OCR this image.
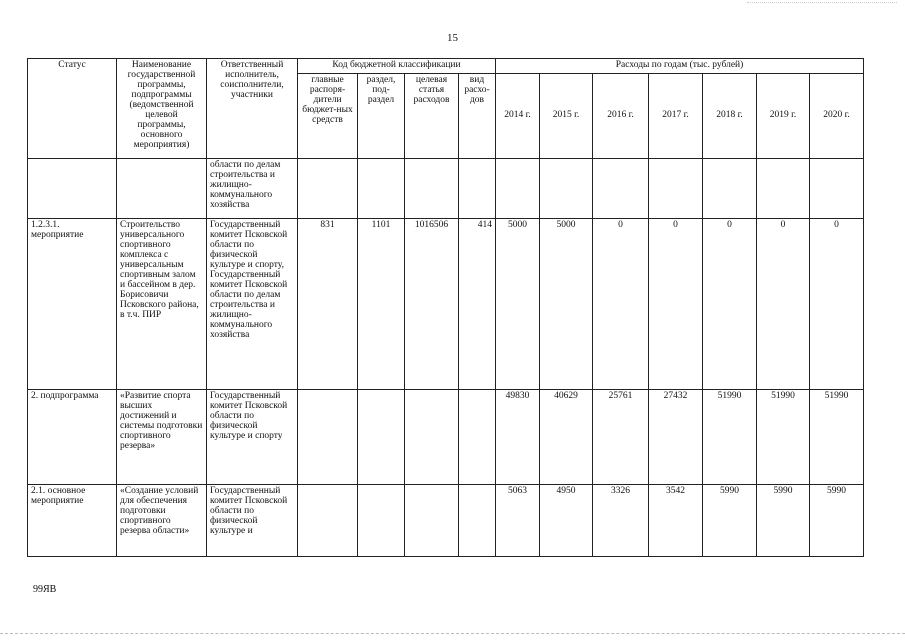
15
Статус	Наименование государственной программы, подпрограммы (ведомственной целевой программы, основного мероприятия)	Ответственный исполнитель, соисполнители, участники	Код бюджетной классификации				Расходы по годам (тыс. рублей)						
			главные распоря-дители бюджет-ных средств	раздел, под-раздел	целевая статья расходов	вид расхо-дов	2014 г.	2015 г.	2016 г.	2017 г.	2018 г.	2019 г.	2020 г.
		области по делам строительства и жилищно-коммунального хозяйства											
1.2.3.1. мероприятие	Строительство универсального спортивного комплекса с универсальным спортивным залом и бассейном в дер. Борисовичи Псковского района, в т.ч. ПИР	Государственный комитет Псковской области по физической культуре и спорту, Государственный комитет Псковской области по делам строительства и жилищно-коммунального хозяйства	831	1101	1016506	414	5000	5000	0	0	0	0	0
2. подпрограмма	«Развитие спорта высших достижений и системы подготовки спортивного резерва»	Государственный комитет Псковской области по физической культуре и спорту					49830	40629	25761	27432	51990	51990	51990
2.1. основное мероприятие	«Создание условий для обеспечения подготовки спортивного резерва области»	Государственный комитет Псковской области по физической культуре и					5063	4950	3326	3542	5990	5990	5990
99ЯВ
